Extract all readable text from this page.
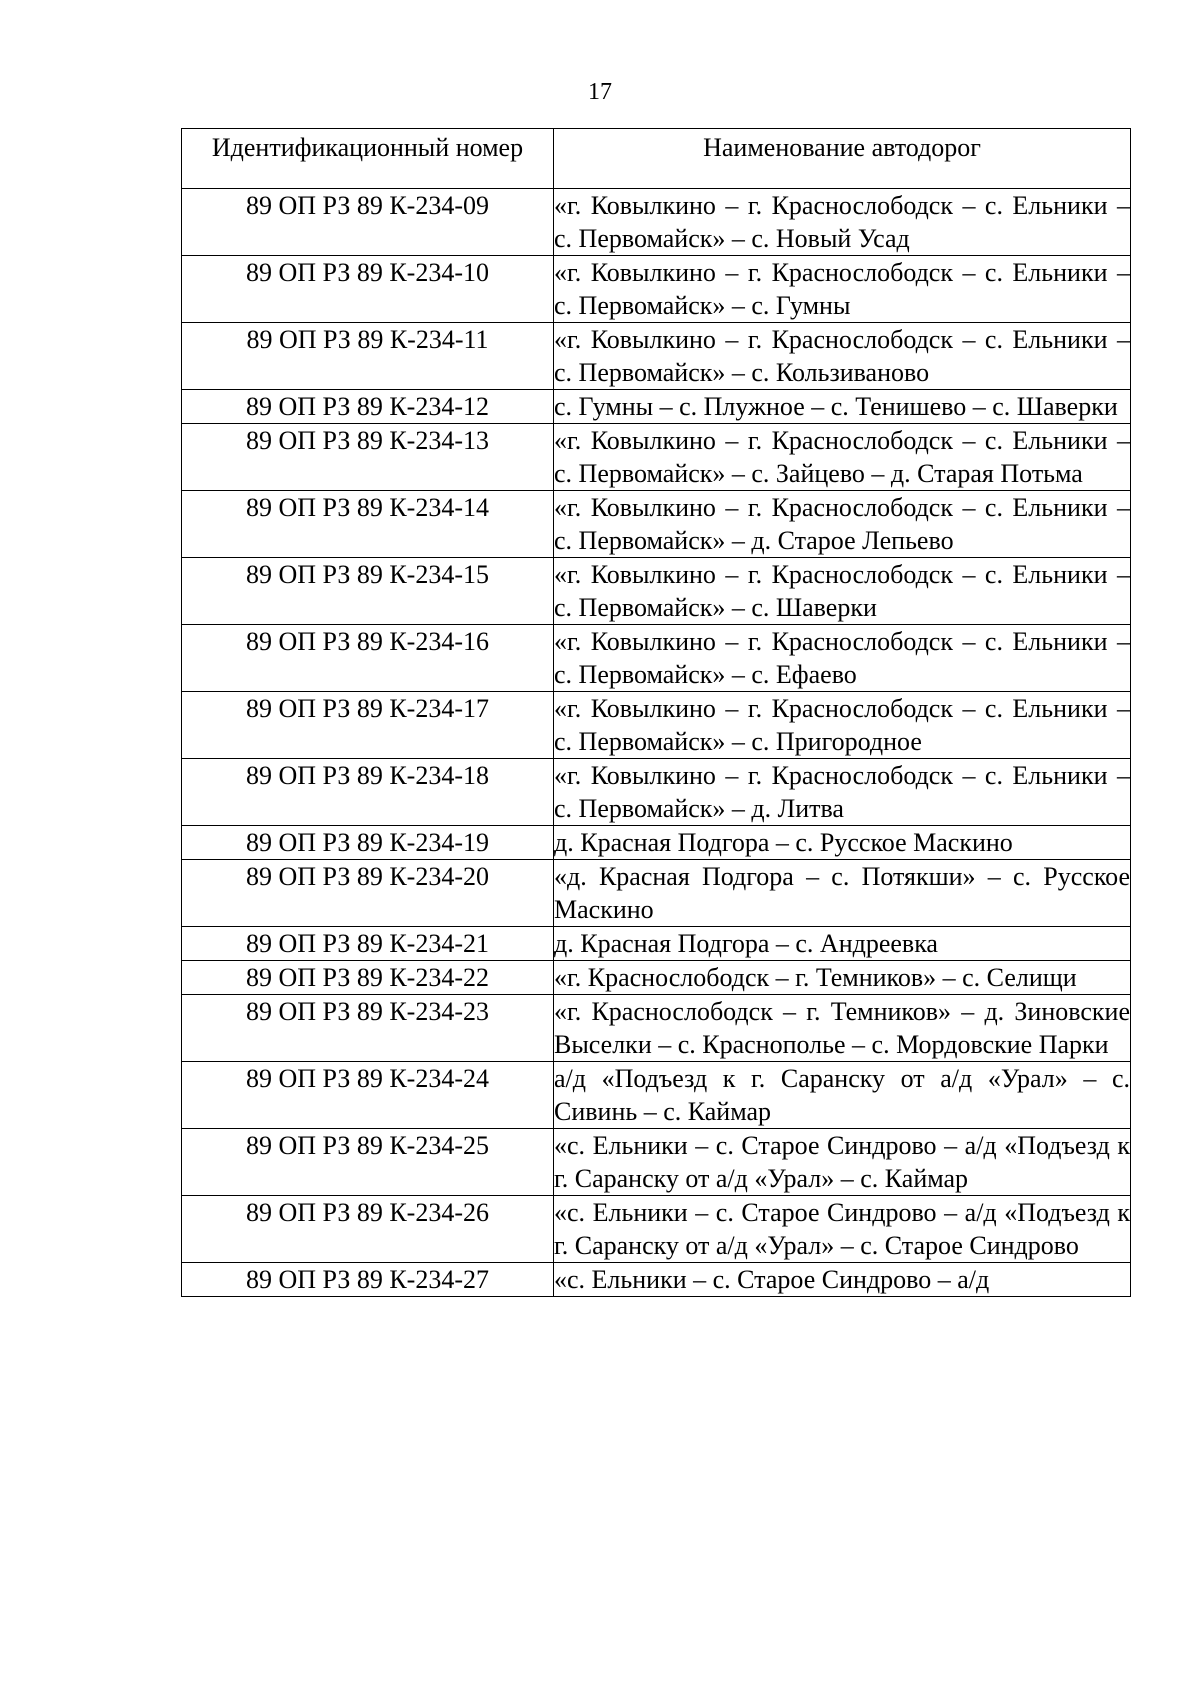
17
Идентификационный номер	Наименование автодорог
89 ОП РЗ 89 К-234-09	«г. Ковылкино – г. Краснослободск – с. Ельники – с. Первомайск» – с. Новый Усад
89 ОП РЗ 89 К-234-10	«г. Ковылкино – г. Краснослободск – с. Ельники – с. Первомайск» – с. Гумны
89 ОП РЗ 89 К-234-11	«г. Ковылкино – г. Краснослободск – с. Ельники – с. Первомайск» – с. Кользиваново
89 ОП РЗ 89 К-234-12	с. Гумны – с. Плужное – с. Тенишево – с. Шаверки
89 ОП РЗ 89 К-234-13	«г. Ковылкино – г. Краснослободск – с. Ельники – с. Первомайск» – с. Зайцево – д. Старая Потьма
89 ОП РЗ 89 К-234-14	«г. Ковылкино – г. Краснослободск – с. Ельники – с. Первомайск» – д. Старое Лепьево
89 ОП РЗ 89 К-234-15	«г. Ковылкино – г. Краснослободск – с. Ельники – с. Первомайск» – с. Шаверки
89 ОП РЗ 89 К-234-16	«г. Ковылкино – г. Краснослободск – с. Ельники – с. Первомайск» – с. Ефаево
89 ОП РЗ 89 К-234-17	«г. Ковылкино – г. Краснослободск – с. Ельники – с. Первомайск» – с. Пригородное
89 ОП РЗ 89 К-234-18	«г. Ковылкино – г. Краснослободск – с. Ельники – с. Первомайск» – д. Литва
89 ОП РЗ 89 К-234-19	д. Красная Подгора – с. Русское Маскино
89 ОП РЗ 89 К-234-20	«д. Красная Подгора – с. Потякши» – с. Русское Маскино
89 ОП РЗ 89 К-234-21	д. Красная Подгора – с. Андреевка
89 ОП РЗ 89 К-234-22	«г. Краснослободск – г. Темников» – с. Селищи
89 ОП РЗ 89 К-234-23	«г. Краснослободск – г. Темников» – д. Зиновские Выселки – с. Краснополье – с. Мордовские Парки
89 ОП РЗ 89 К-234-24	а/д «Подъезд к г. Саранску от а/д «Урал» – с. Сивинь – с. Каймар
89 ОП РЗ 89 К-234-25	«с. Ельники – с. Старое Синдрово – а/д «Подъезд к г. Саранску от а/д «Урал» – с. Каймар
89 ОП РЗ 89 К-234-26	«с. Ельники – с. Старое Синдрово – а/д «Подъезд к г. Саранску от а/д «Урал» – с. Старое Синдрово
89 ОП РЗ 89 К-234-27	«с. Ельники – с. Старое Синдрово – а/д
